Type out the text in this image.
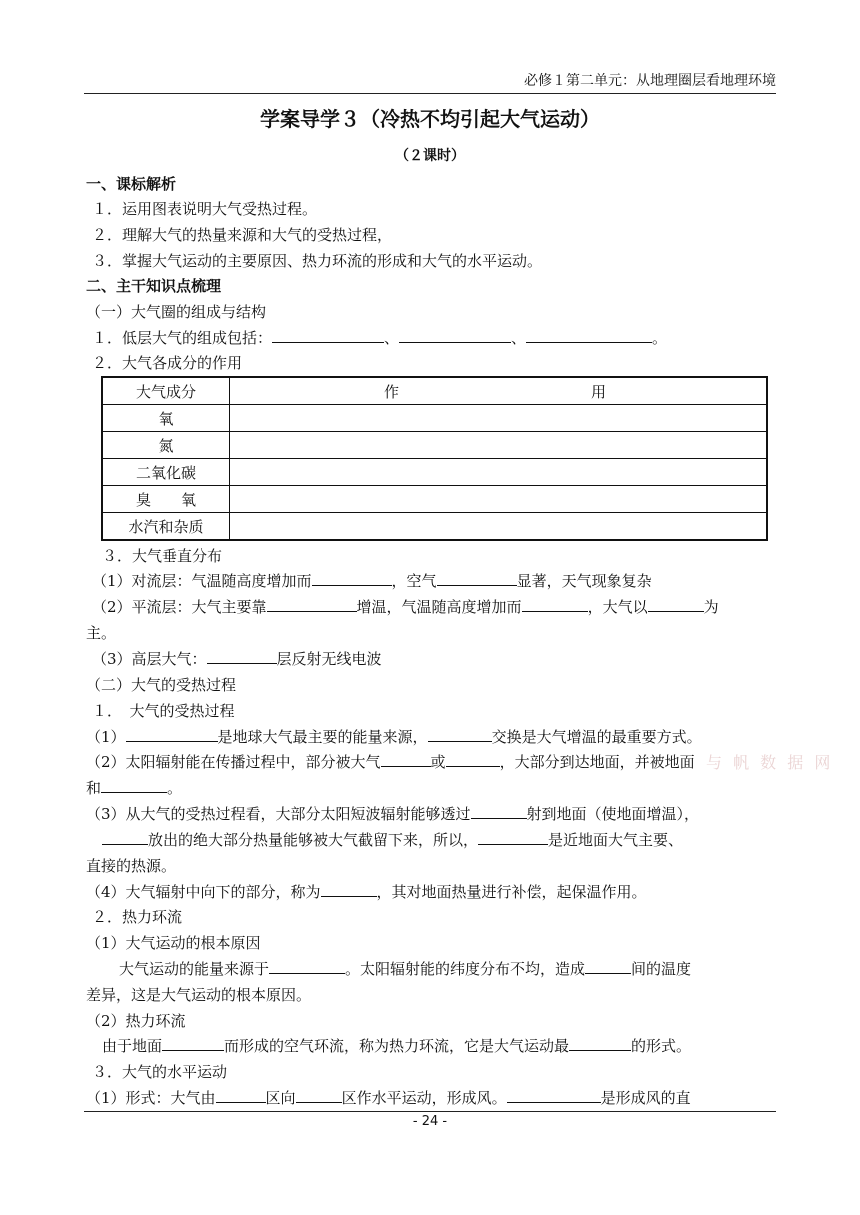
必修１第二单元：从地理圈层看地理环境
学案导学３（冷热不均引起大气运动）
（２课时）
一、课标解析
１．运用图表说明大气受热过程。
２．理解大气的热量来源和大气的受热过程，
３．掌握大气运动的主要原因、热力环流的形成和大气的水平运动。
二、主干知识点梳理
（一）大气圈的组成与结构
１．低层大气的组成包括：	、	、	。
２．大气各成分的作用
大气成分	作 用
氧	
氮	
二氧化碳	
臭　　氧	
水汽和杂质	
３．大气垂直分布
（1）对流层：气温随高度增加而	，空气	显著，天气现象复杂
（2）平流层：大气主要靠	增温，气温随高度增加而	，大气以	为
主。
（3）高层大气：	层反射无线电波
（二）大气的受热过程
１．　大气的受热过程
（1）	是地球大气最主要的能量来源，	交换是大气增温的最重要方式。
（2）太阳辐射能在传播过程中，部分被大气	或	，大部分到达地面，并被地面
和	。
（3）从大气的受热过程看，大部分太阳短波辐射能够透过	射到地面（使地面增温），
放出的绝大部分热量能够被大气截留下来，所以，	是近地面大气主要、
直接的热源。
（4）大气辐射中向下的部分，称为	，其对地面热量进行补偿，起保温作用。
２．热力环流
（1）大气运动的根本原因
大气运动的能量来源于	。太阳辐射能的纬度分布不均，造成	间的温度
差异，这是大气运动的根本原因。
（2）热力环流
由于地面	而形成的空气环流，称为热力环流，它是大气运动最	的形式。
３．大气的水平运动
（1）形式：大气由	区向	区作水平运动，形成风。	是形成风的直
与 帆 数 据 网
- 24 -
